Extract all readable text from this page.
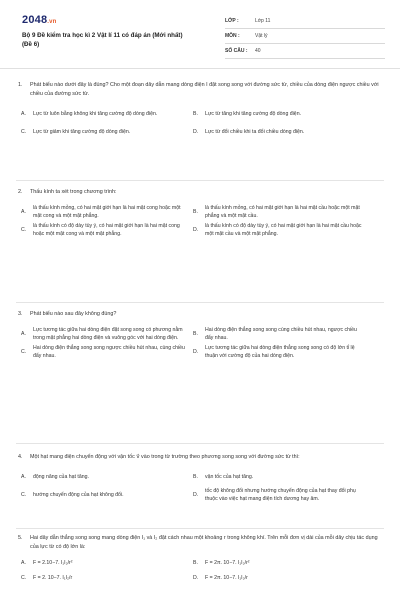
2048.vn
Bộ 9 Đề kiểm tra học kì 2 Vật lí 11 có đáp án (Mới nhất)
(Đề 6)
LỚP :	Lớp 11
MÔN :	Vật lý
SỐ CÂU :	40
1. Phát biểu nào dưới đây là đúng? Cho một đoạn dây dẫn mang dòng điện I đặt song song với đường sức từ, chiều của dòng điện ngược chiều với chiều của đường sức từ.
A.	Lực từ luôn bằng không khi tăng cường độ dòng điện.	B.	Lực từ tăng khi tăng cường độ dòng điện.
C.	Lực từ giảm khi tăng cường độ dòng điện.	D.	Lực từ đổi chiều khi ta đổi chiều dòng điện.
2. Thấu kính ta xét trong chương trình:
A.
là thấu kính mỏng, có hai mặt giới hạn là hai mặt cong hoặc một mặt cong và một mặt phẳng.
B.
là thấu kính mỏng, có hai mặt giới hạn là hai mặt cầu hoặc một mặt phẳng và một mặt cầu.
C.
là thấu kính có độ dày tùy ý, có hai mặt giới hạn là hai mặt cong hoặc một mặt cong và một mặt phẳng.
D.
là thấu kính có độ dày tùy ý, có hai mặt giới hạn là hai mặt cầu hoặc một mặt cầu và một mặt phẳng.
3. Phát biểu nào sau đây không đúng?
A.
Lực tương tác giữa hai dòng điện đặt song song có phương nằm trong mặt phẳng hai dòng điện và vuông góc với hai dòng điện.
B.
Hai dòng điện thẳng song song cùng chiều hút nhau, ngược chiều đẩy nhau.
C.
Hai dòng điện thẳng song song ngược chiều hút nhau, cùng chiều đẩy nhau.
D.
Lực tương tác giữa hai dòng điện thẳng song song có độ lớn tỉ lệ thuận với cường độ của hai dòng điện.
4. Một hạt mang điện chuyển động với vận tốc v⃗ vào trong từ trường theo phương song song với đường sức từ thì:
A.	động năng của hạt tăng.	B.	vận tốc của hạt tăng.
C.	hướng chuyển động của hạt không đổi.	D.
tốc độ không đổi nhưng hướng chuyển động của hạt thay đổi phụ thuộc vào việc hạt mang điện tích dương hay âm.
5. Hai dây dẫn thẳng song song mang dòng điện I₁ và I₂ đặt cách nhau một khoảng r trong không khí. Trên mỗi đơn vị dài của mỗi dây chịu tác dụng của lực từ có độ lớn là:
A.	F = 2.10−7. I₁I₂/r²	B.	F = 2π. 10−7. I₁I₂/r²
C.	F = 2. 10−7. I₁I₂/r	D.	F = 2π. 10−7. I₁I₂/r
